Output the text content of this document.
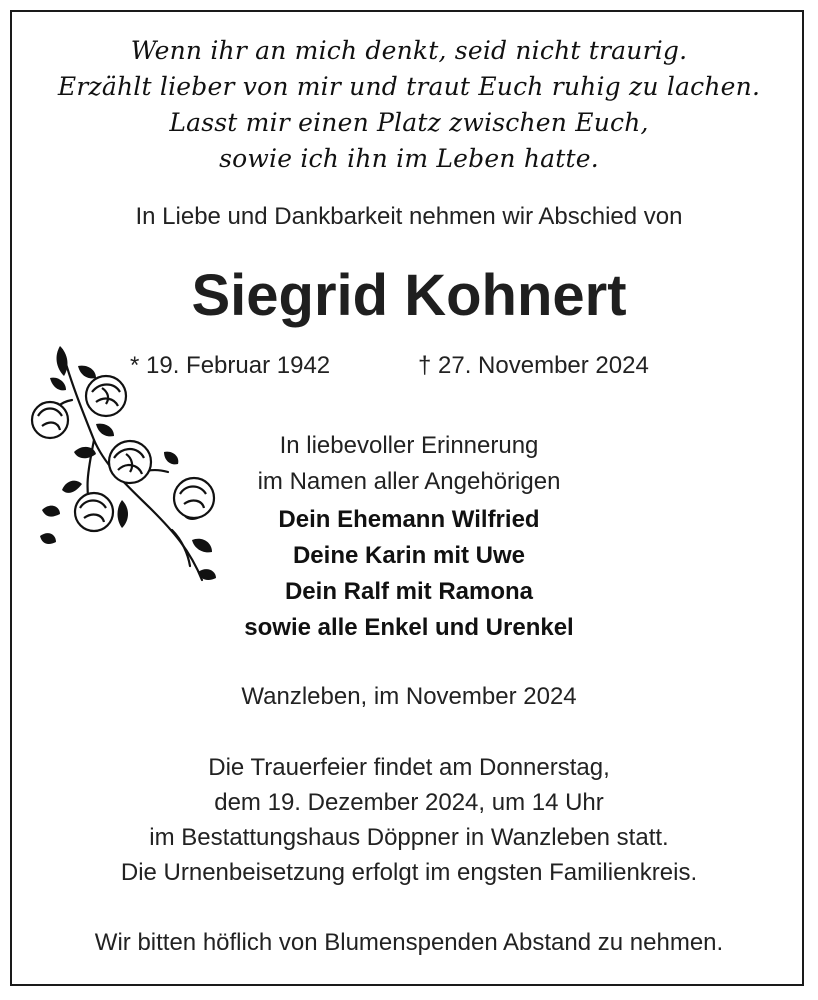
Wenn ihr an mich denkt, seid nicht traurig.
Erzählt lieber von mir und traut Euch ruhig zu lachen.
Lasst mir einen Platz zwischen Euch,
sowie ich ihn im Leben hatte.
In Liebe und Dankbarkeit nehmen wir Abschied von
Siegrid Kohnert
* 19. Februar 1942	† 27. November 2024
In liebevoller Erinnerung
im Namen aller Angehörigen
Dein Ehemann Wilfried
Deine Karin mit Uwe
Dein Ralf mit Ramona
sowie alle Enkel und Urenkel
Wanzleben, im November 2024
Die Trauerfeier findet am Donnerstag,
dem 19. Dezember 2024, um 14 Uhr
im Bestattungshaus Döppner in Wanzleben statt.
Die Urnenbeisetzung erfolgt im engsten Familienkreis.
Wir bitten höflich von Blumenspenden Abstand zu nehmen.
